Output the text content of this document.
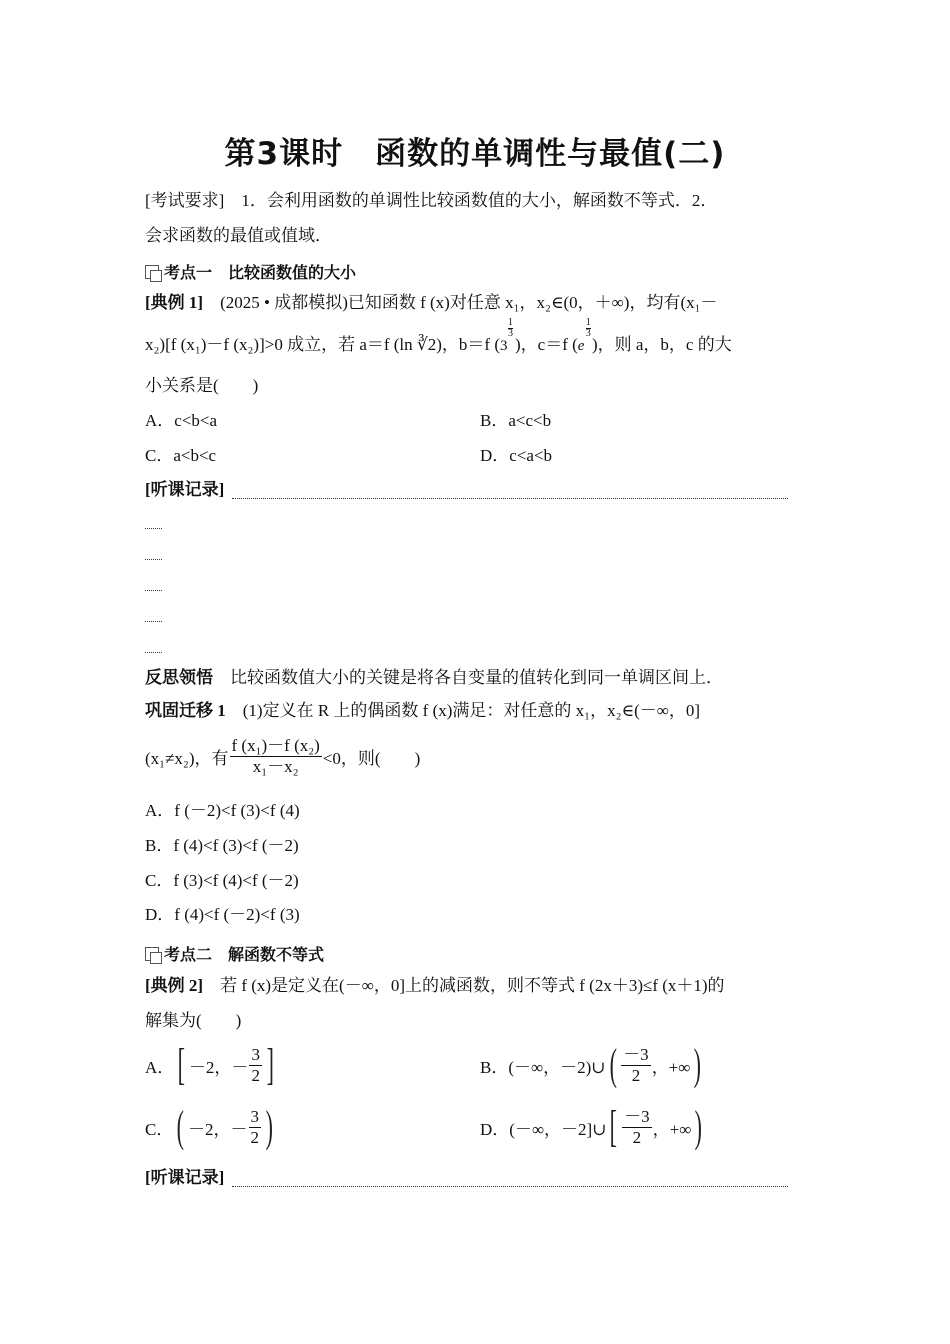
第3课时　函数的单调性与最值(二)
[考试要求]　1．会利用函数的单调性比较函数值的大小，解函数不等式．2．
会求函数的最值或值域．
考点一　比较函数值的大小
[典例 1]　(2025 • 成都模拟)已知函数 f (x)对任意 x₁，x₂∈(0，＋∞)，均有(x₁－
x₂)[f (x₁)－f (x₂)]>0 成立，若 a＝f (ln ∛2)，b＝f (3
$\frac{1}{3}$
)，c＝f (e
$\frac{1}{3}$
)，则 a，b，c 的大
小关系是(　　)
A．c<b<a	B．a<c<b
C．a<b<c	D．c<a<b
[听课记录]
反思领悟　比较函数值大小的关键是将各自变量的值转化到同一单调区间上．
巩固迁移 1　(1)定义在 R 上的偶函数 f (x)满足：对任意的 x₁，x₂∈(－∞，0]
(x₁≠x₂)，有 $\frac{\text{f (x₁)－f (x₂)}}{\text{x₁－x₂}} <0$，则(　　)
A．f (－2)<f (3)<f (4)
B．f (4)<f (3)<f (－2)
C．f (3)<f (4)<f (－2)
D．f (4)<f (－2)<f (3)
考点二　解函数不等式
[典例 2]　若 f (x)是定义在(－∞，0]上的减函数，则不等式 f (2x＋3)≤f (x＋1)的
解集为(　　)
A． [ －2，－ $\frac{3}{2}$ ]	B． (－∞，－2)∪ ( $\frac{-3}{2}$ ，+∞ )
C． ( －2，－ $\frac{3}{2}$ )	D． (－∞，－2]∪ [ $\frac{-3}{2}$ ，+∞ )
[听课记录]
